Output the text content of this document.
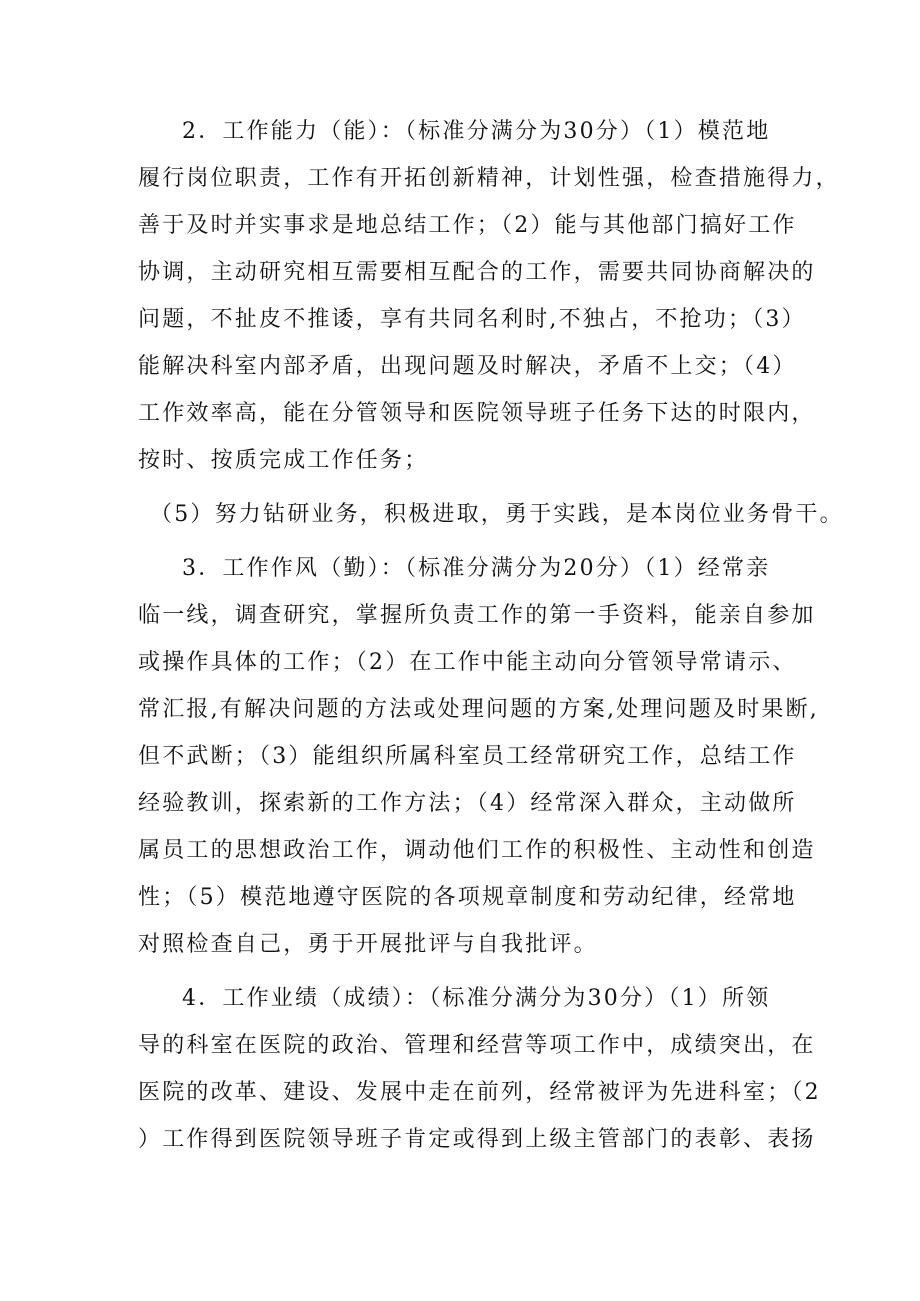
2．工作能力（能）：（标准分满分为30分）（1）模范地
履行岗位职责，工作有开拓创新精神，计划性强，检查措施得力，
善于及时并实事求是地总结工作；（2）能与其他部门搞好工作
协调，主动研究相互需要相互配合的工作，需要共同协商解决的
问题，不扯皮不推诿，享有共同名利时,不独占，不抢功；（3）
能解决科室内部矛盾，出现问题及时解决，矛盾不上交；（4）
工作效率高，能在分管领导和医院领导班子任务下达的时限内，
按时、按质完成工作任务；
（5）努力钻研业务，积极进取，勇于实践，是本岗位业务骨干。
3．工作作风（勤）：（标准分满分为20分）（1）经常亲
临一线，调查研究，掌握所负责工作的第一手资料，能亲自参加
或操作具体的工作；（2）在工作中能主动向分管领导常请示、
常汇报,有解决问题的方法或处理问题的方案,处理问题及时果断,
但不武断；（3）能组织所属科室员工经常研究工作，总结工作
经验教训，探索新的工作方法；（4）经常深入群众，主动做所
属员工的思想政治工作，调动他们工作的积极性、主动性和创造
性；（5）模范地遵守医院的各项规章制度和劳动纪律，经常地
对照检查自己，勇于开展批评与自我批评。
4．工作业绩（成绩）：（标准分满分为30分）（1）所领
导的科室在医院的政治、管理和经营等项工作中，成绩突出，在
医院的改革、建设、发展中走在前列，经常被评为先进科室；（2
）工作得到医院领导班子肯定或得到上级主管部门的表彰、表扬
